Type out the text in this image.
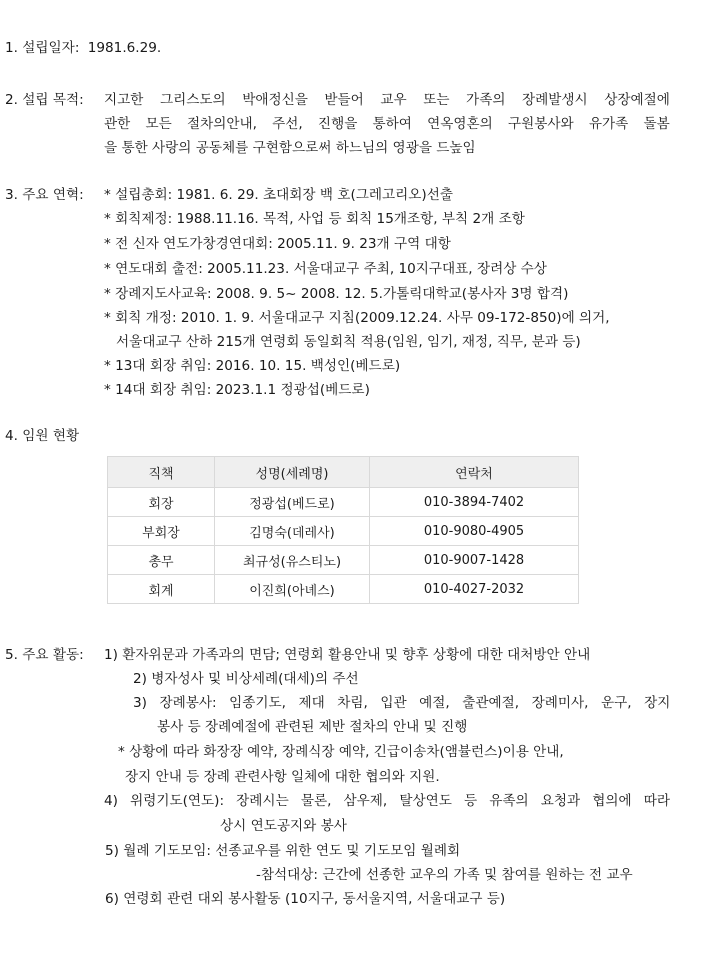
1. 설립일자: 1981.6.29.
2. 설립 목적: 지고한 그리스도의 박애정신을 받들어 교우 또는 가족의 장례발생시 상장예절에
관한 모든 절차의안내, 주선, 진행을 통하여 연옥영혼의 구원봉사와 유가족 돌봄
을 통한 사랑의 공동체를 구현함으로써 하느님의 영광을 드높임
3. 주요 연혁: * 설립총회: 1981. 6. 29. 초대회장 백 호(그레고리오)선출
* 회칙제정: 1988.11.16. 목적, 사업 등 회칙 15개조항, 부칙 2개 조항
* 전 신자 연도가창경연대회: 2005.11. 9. 23개 구역 대항
* 연도대회 출전: 2005.11.23. 서울대교구 주최, 10지구대표, 장려상 수상
* 장례지도사교육: 2008. 9. 5~ 2008. 12. 5.가톨릭대학교(봉사자 3명 합격)
* 회칙 개정: 2010. 1. 9. 서울대교구 지침(2009.12.24. 사무 09-172-850)에 의거,
서울대교구 산하 215개 연령회 동일회칙 적용(임원, 임기, 재정, 직무, 분과 등)
* 13대 회장 취임: 2016. 10. 15. 백성인(베드로)
* 14대 회장 취임: 2023.1.1 정광섭(베드로)
4. 임원 현황
직책	성명(세례명)	연락처
회장	정광섭(베드로)	010-3894-7402
부회장	김명숙(데레사)	010-9080-4905
총무	최규성(유스티노)	010-9007-1428
회계	이진희(아녜스)	010-4027-2032
5. 주요 활동: 1) 환자위문과 가족과의 면담; 연령회 활용안내 및 향후 상황에 대한 대처방안 안내
2) 병자성사 및 비상세례(대세)의 주선
3) 장례봉사: 임종기도, 제대 차림, 입관 예절, 출관예절, 장례미사, 운구, 장지
봉사 등 장례예절에 관련된 제반 절차의 안내 및 진행
* 상황에 따라 화장장 예약, 장례식장 예약, 긴급이송차(앰뷸런스)이용 안내,
장지 안내 등 장례 관련사항 일체에 대한 협의와 지원.
4) 위령기도(연도): 장례시는 물론, 삼우제, 탈상연도 등 유족의 요청과 협의에 따라
상시 연도공지와 봉사
5) 월례 기도모임: 선종교우를 위한 연도 및 기도모임 월례회
-참석대상: 근간에 선종한 교우의 가족 및 참여를 원하는 전 교우
6) 연령회 관련 대외 봉사활동 (10지구, 동서울지역, 서울대교구 등)
